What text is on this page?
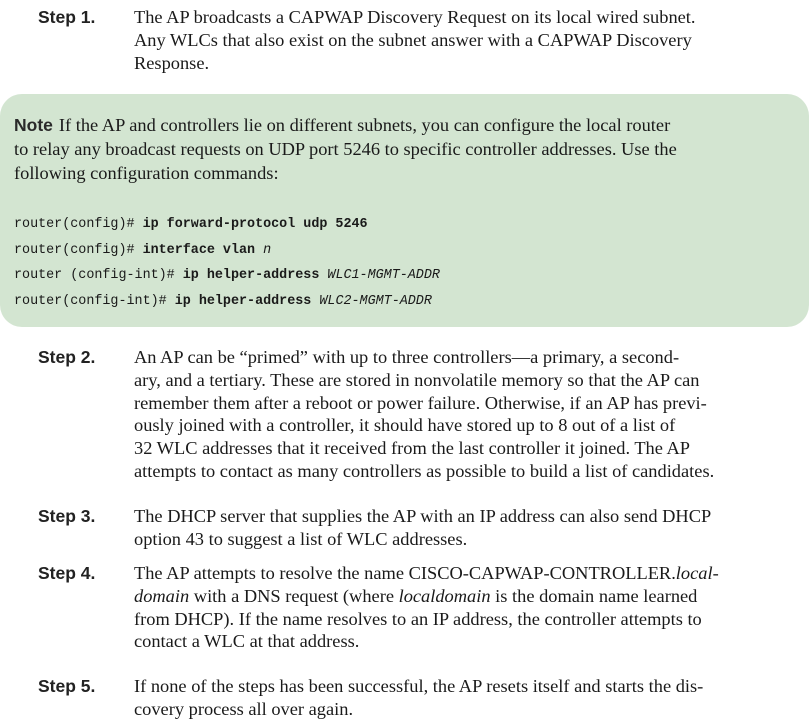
Step 1. The AP broadcasts a CAPWAP Discovery Request on its local wired subnet.
Any WLCs that also exist on the subnet answer with a CAPWAP Discovery
Response.

Note If the AP and controllers lie on different subnets, you can configure the local router
to relay any broadcast requests on UDP port 5246 to specific controller addresses. Use the
following configuration commands:

router(config)# ip forward-protocol udp 5246
router(config)# interface vlan n
router (config-int)# ip helper-address WLC1-MGMT-ADDR
router(config-int)# ip helper-address WLC2-MGMT-ADDR
Step 2. An AP can be “primed” with up to three controllers—a primary, a second-
ary, and a tertiary. These are stored in nonvolatile memory so that the AP can
remember them after a reboot or power failure. Otherwise, if an AP has previ-
ously joined with a controller, it should have stored up to 8 out of a list of
32 WLC addresses that it received from the last controller it joined. The AP
attempts to contact as many controllers as possible to build a list of candidates.

Step 3. The DHCP server that supplies the AP with an IP address can also send DHCP
option 43 to suggest a list of WLC addresses.

Step 4. The AP attempts to resolve the name CISCO-CAPWAP-CONTROLLER.local-
domain with a DNS request (where localdomain is the domain name learned
from DHCP). If the name resolves to an IP address, the controller attempts to
contact a WLC at that address.

Step 5. If none of the steps has been successful, the AP resets itself and starts the dis-
covery process all over again.
